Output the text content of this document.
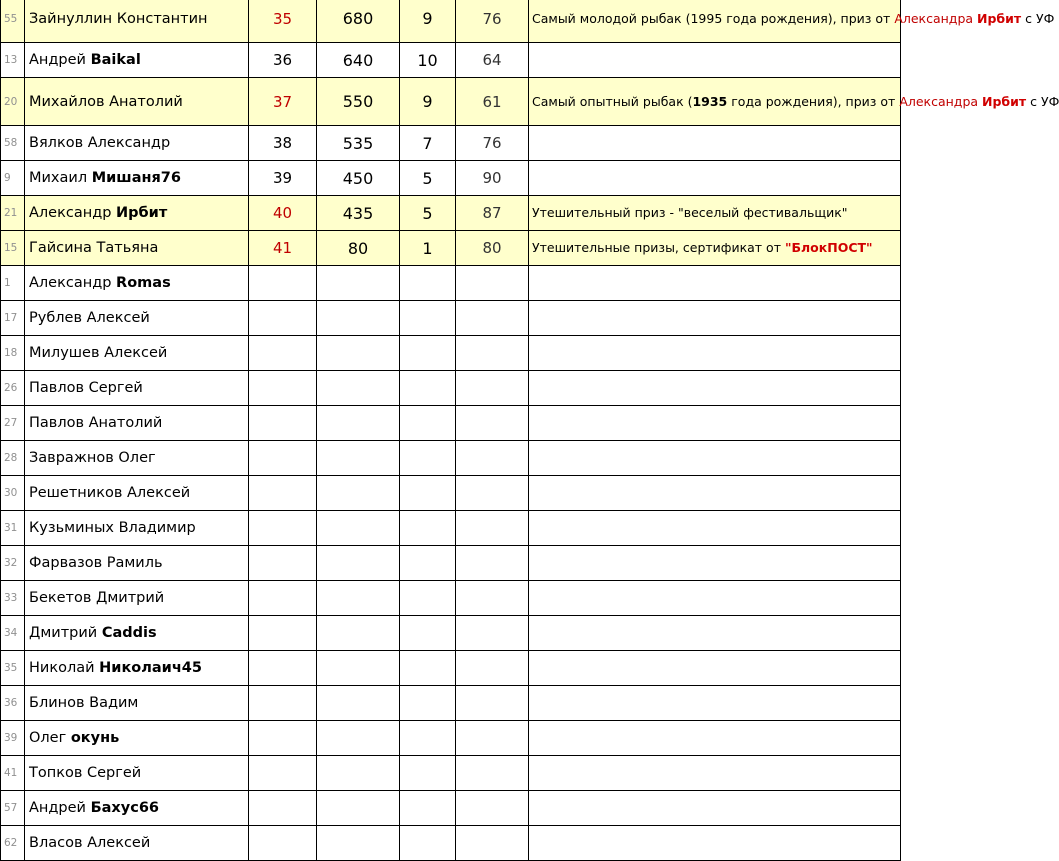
55	Зайнуллин Константин	35	680	9	76	Самый молодой рыбак (1995 года рождения), приз от Александра Ирбит с УФ
13	Андрей Baikal	36	640	10	64	
20	Михайлов Анатолий	37	550	9	61	Самый опытный рыбак (1935 года рождения), приз от Александра Ирбит с УФ
58	Вялков Александр	38	535	7	76	
9	Михаил Мишаня76	39	450	5	90	
21	Александр Ирбит	40	435	5	87	Утешительный приз - "веселый фестивальщик"
15	Гайсина Татьяна	41	80	1	80	Утешительные призы, сертификат от "БлокПОСТ"
1	Александр Romas					
17	Рублев Алексей					
18	Милушев Алексей					
26	Павлов Сергей					
27	Павлов Анатолий					
28	Завражнов Олег					
30	Решетников Алексей					
31	Кузьминых Владимир					
32	Фарвазов Рамиль					
33	Бекетов Дмитрий					
34	Дмитрий Caddis					
35	Николай Николаич45					
36	Блинов Вадим					
39	Олег окунь					
41	Топков Сергей					
57	Андрей Бахус66					
62	Власов Алексей					
